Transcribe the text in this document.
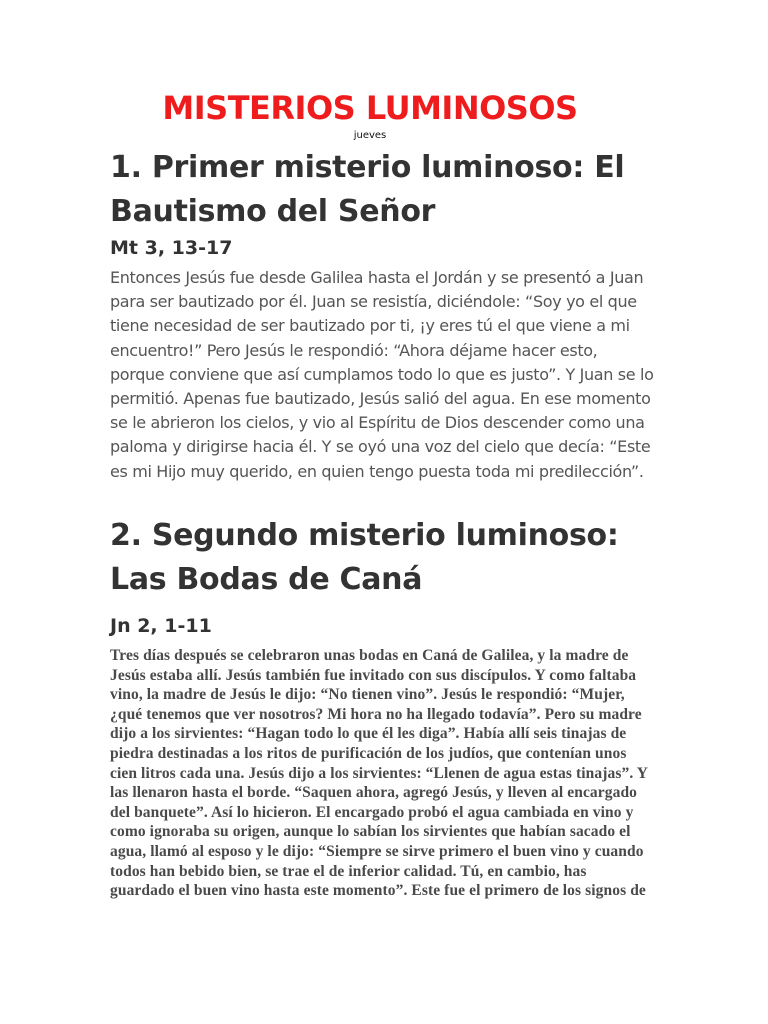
MISTERIOS LUMINOSOS
jueves
1. Primer misterio luminoso: El Bautismo del Señor
Mt 3, 13-17

Entonces Jesús fue desde Galilea hasta el Jordán y se presentó a Juan para ser bautizado por él. Juan se resistía, diciéndole: “Soy yo el que tiene necesidad de ser bautizado por ti, ¡y eres tú el que viene a mi encuentro!” Pero Jesús le respondió: “Ahora déjame hacer esto, porque conviene que así cumplamos todo lo que es justo”. Y Juan se lo permitió. Apenas fue bautizado, Jesús salió del agua. En ese momento se le abrieron los cielos, y vio al Espíritu de Dios descender como una paloma y dirigirse hacia él. Y se oyó una voz del cielo que decía: “Este es mi Hijo muy querido, en quien tengo puesta toda mi predilección”.

2. Segundo misterio luminoso: Las Bodas de Caná
Jn 2, 1-11

Tres días después se celebraron unas bodas en Caná de Galilea, y la madre de Jesús estaba allí. Jesús también fue invitado con sus discípulos. Y como faltaba vino, la madre de Jesús le dijo: “No tienen vino”. Jesús le respondió: “Mujer, ¿qué tenemos que ver nosotros? Mi hora no ha llegado todavía”. Pero su madre dijo a los sirvientes: “Hagan todo lo que él les diga”. Había allí seis tinajas de piedra destinadas a los ritos de purificación de los judíos, que contenían unos cien litros cada una. Jesús dijo a los sirvientes: “Llenen de agua estas tinajas”. Y las llenaron hasta el borde. “Saquen ahora, agregó Jesús, y lleven al encargado del banquete”. Así lo hicieron. El encargado probó el agua cambiada en vino y como ignoraba su origen, aunque lo sabían los sirvientes que habían sacado el agua, llamó al esposo y le dijo: “Siempre se sirve primero el buen vino y cuando todos han bebido bien, se trae el de inferior calidad. Tú, en cambio, has guardado el buen vino hasta este momento”. Este fue el primero de los signos de
